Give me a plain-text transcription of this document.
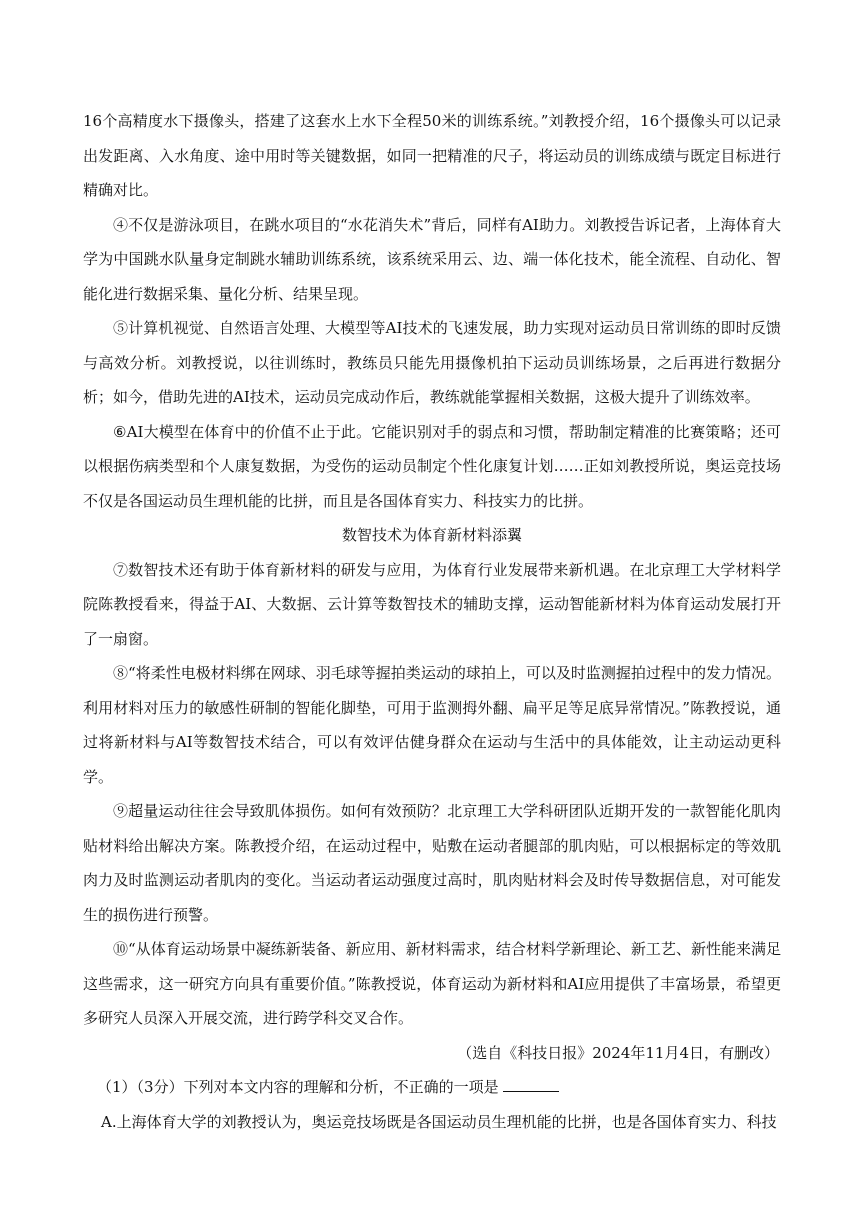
16个高精度水下摄像头，搭建了这套水上水下全程50米的训练系统。”刘教授介绍，16个摄像头可以记录出发距离、入水角度、途中用时等关键数据，如同一把精准的尺子，将运动员的训练成绩与既定目标进行精确对比。

④不仅是游泳项目，在跳水项目的“水花消失术”背后，同样有AI助力。刘教授告诉记者，上海体育大学为中国跳水队量身定制跳水辅助训练系统，该系统采用云、边、端一体化技术，能全流程、自动化、智能化进行数据采集、量化分析、结果呈现。

⑤计算机视觉、自然语言处理、大模型等AI技术的飞速发展，助力实现对运动员日常训练的即时反馈与高效分析。刘教授说，以往训练时，教练员只能先用摄像机拍下运动员训练场景，之后再进行数据分析；如今，借助先进的AI技术，运动员完成动作后，教练就能掌握相关数据，这极大提升了训练效率。

⑥AI大模型在体育中的价值不止于此。它能识别对手的弱点和习惯，帮助制定精准的比赛策略；还可以根据伤病类型和个人康复数据，为受伤的运动员制定个性化康复计划……正如刘教授所说，奥运竞技场不仅是各国运动员生理机能的比拼，而且是各国体育实力、科技实力的比拼。

数智技术为体育新材料添翼

⑦数智技术还有助于体育新材料的研发与应用，为体育行业发展带来新机遇。在北京理工大学材料学院陈教授看来，得益于AI、大数据、云计算等数智技术的辅助支撑，运动智能新材料为体育运动发展打开了一扇窗。

⑧“将柔性电极材料绑在网球、羽毛球等握拍类运动的球拍上，可以及时监测握拍过程中的发力情况。利用材料对压力的敏感性研制的智能化脚垫，可用于监测拇外翻、扁平足等足底异常情况。”陈教授说，通过将新材料与AI等数智技术结合，可以有效评估健身群众在运动与生活中的具体能效，让主动运动更科学。

⑨超量运动往往会导致肌体损伤。如何有效预防？北京理工大学科研团队近期开发的一款智能化肌肉贴材料给出解决方案。陈教授介绍，在运动过程中，贴敷在运动者腿部的肌肉贴，可以根据标定的等效肌肉力及时监测运动者肌肉的变化。当运动者运动强度过高时，肌肉贴材料会及时传导数据信息，对可能发生的损伤进行预警。

⑩“从体育运动场景中凝练新装备、新应用、新材料需求，结合材料学新理论、新工艺、新性能来满足这些需求，这一研究方向具有重要价值。”陈教授说，体育运动为新材料和AI应用提供了丰富场景，希望更多研究人员深入开展交流，进行跨学科交叉合作。

（选自《科技日报》2024年11月4日，有删改）

（1）（3分）下列对本文内容的理解和分析，不正确的一项是

A.上海体育大学的刘教授认为，奥运竞技场既是各国运动员生理机能的比拼，也是各国体育实力、科技
